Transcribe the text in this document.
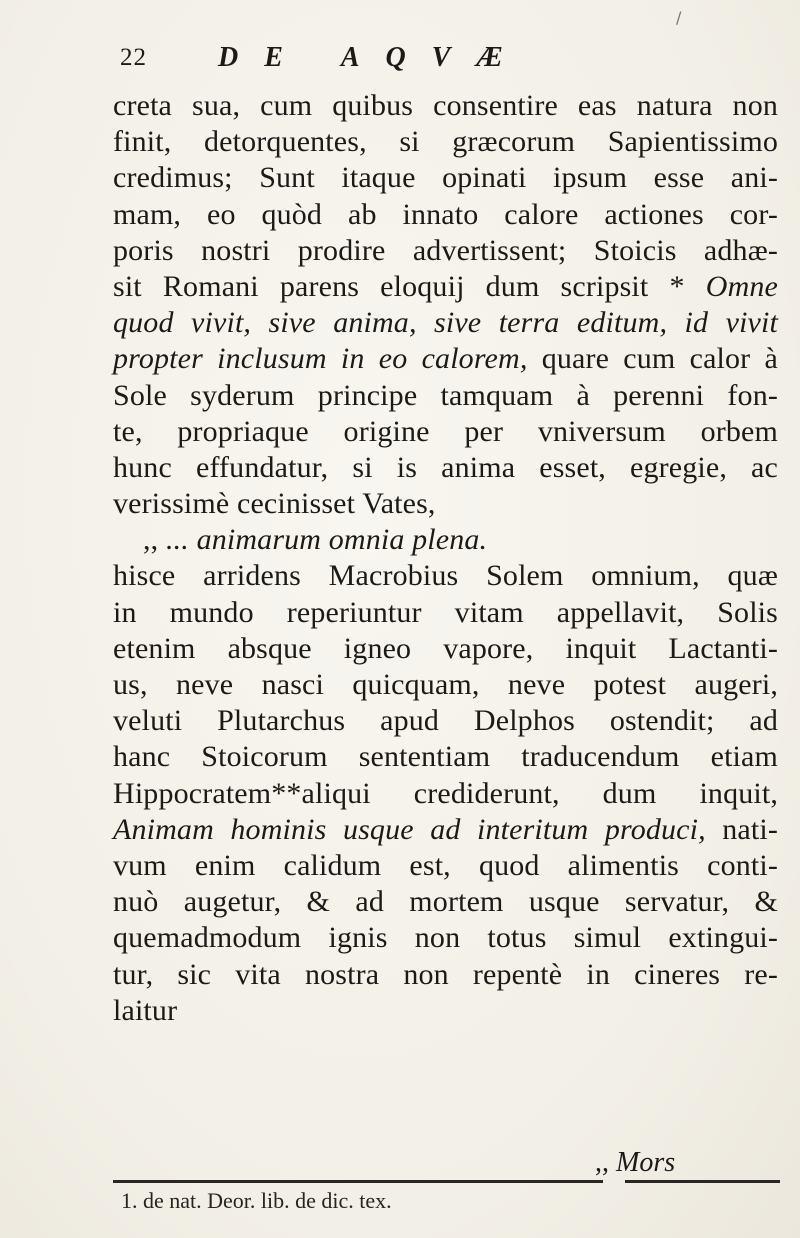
/
22	DE AQVÆ
creta sua, cum quibus consentire eas natura non
finit, detorquentes, si græcorum Sapientissimo
credimus; Sunt itaque opinati ipsum esse ani-
mam, eo quòd ab innato calore actiones cor-
poris nostri prodire advertissent; Stoicis adhæ-
sit Romani parens eloquij dum scripsit * Omne
quod vivit, sive anima, sive terra editum, id vivit
propter inclusum in eo calorem, quare cum calor à
Sole syderum principe tamquam à perenni fon-
te, propriaque origine per vniversum orbem
hunc effundatur, si is anima esset, egregie, ac
verissimè cecinisset Vates,
,, ... animarum omnia plena.
hisce arridens Macrobius Solem omnium, quæ
in mundo reperiuntur vitam appellavit, Solis
etenim absque igneo vapore, inquit Lactanti-
us, neve nasci quicquam, neve potest augeri,
veluti Plutarchus apud Delphos ostendit; ad
hanc Stoicorum sententiam traducendum etiam
Hippocratem**aliqui crediderunt, dum inquit,
Animam hominis usque ad interitum produci, nati-
vum enim calidum est, quod alimentis conti-
nuò augetur, & ad mortem usque servatur, &
quemadmodum ignis non totus simul extingui-
tur, sic vita nostra non repentè in cineres re-
laitur
,, Mors
1. de nat. Deor. lib. de dic. tex.
